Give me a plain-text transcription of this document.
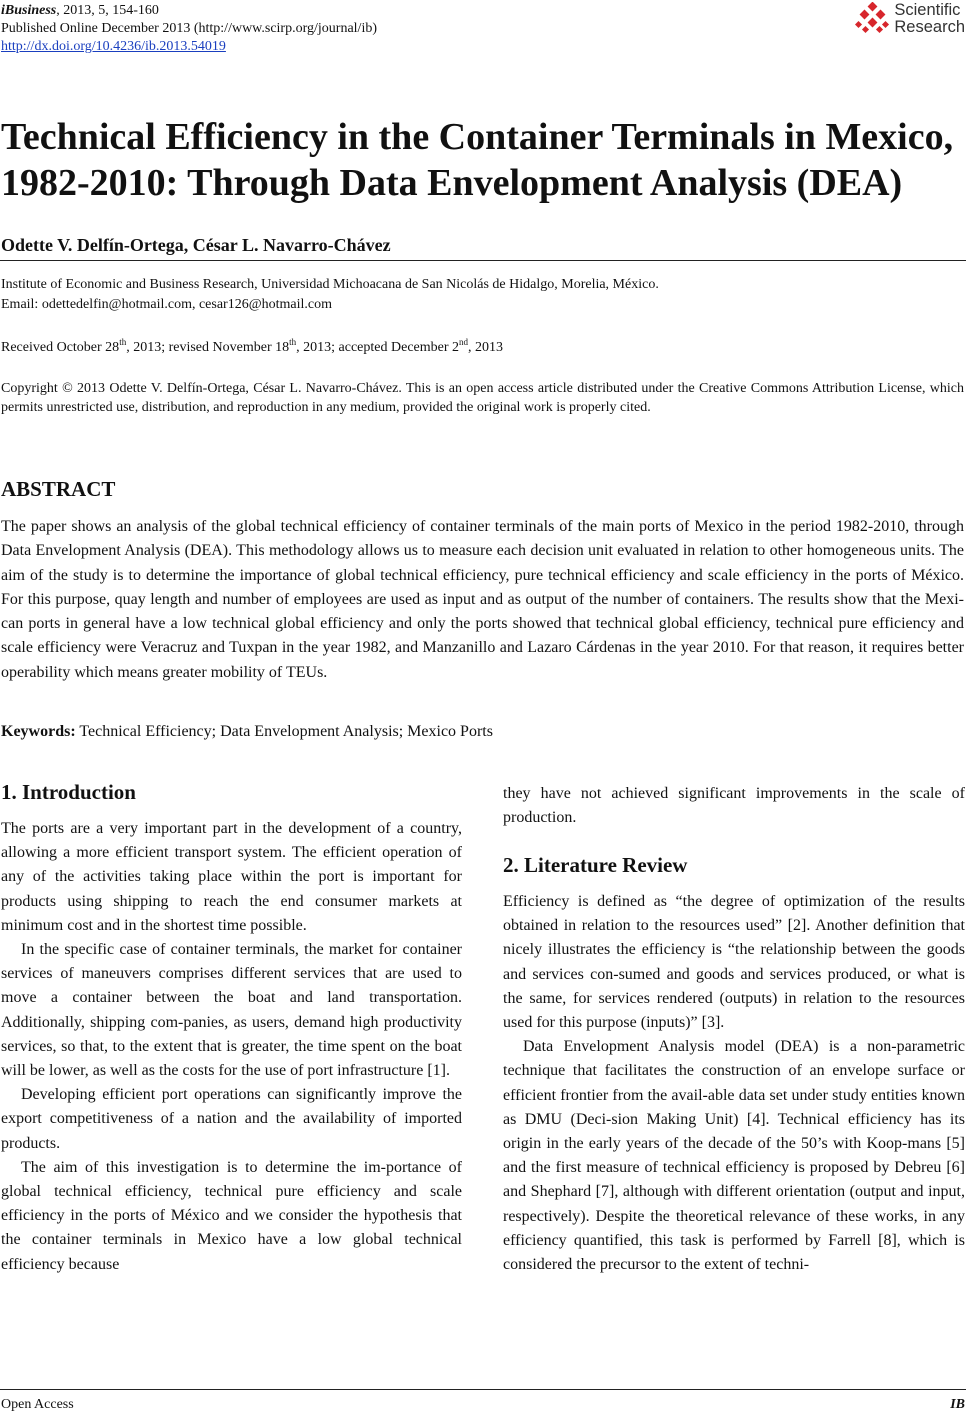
iBusiness, 2013, 5, 154-160
Published Online December 2013 (http://www.scirp.org/journal/ib)
http://dx.doi.org/10.4236/ib.2013.54019
Scientific
Research
Technical Efficiency in the Container Terminals in Mexico, 1982-2010: Through Data Envelopment Analysis (DEA)

Odette V. Delfín-Ortega, César L. Navarro-Chávez

Institute of Economic and Business Research, Universidad Michoacana de San Nicolás de Hidalgo, Morelia, México.

Email: odettedelfin@hotmail.com, cesar126@hotmail.com

Received October 28th, 2013; revised November 18th, 2013; accepted December 2nd, 2013

Copyright © 2013 Odette V. Delfín-Ortega, César L. Navarro-Chávez. This is an open access article distributed under the Creative Commons Attribution License, which permits unrestricted use, distribution, and reproduction in any medium, provided the original work is properly cited.

ABSTRACT

The paper shows an analysis of the global technical efficiency of container terminals of the main ports of Mexico in the period 1982-2010, through Data Envelopment Analysis (DEA). This methodology allows us to measure each decision unit evaluated in relation to other homogeneous units. The aim of the study is to determine the importance of global technical efficiency, pure technical efficiency and scale efficiency in the ports of México. For this purpose, quay length and number of employees are used as input and as output of the number of containers. The results show that the Mexi-can ports in general have a low technical global efficiency and only the ports showed that technical global efficiency, technical pure efficiency and scale efficiency were Veracruz and Tuxpan in the year 1982, and Manzanillo and Lazaro Cárdenas in the year 2010. For that reason, it requires better operability which means greater mobility of TEUs.

Keywords: Technical Efficiency; Data Envelopment Analysis; Mexico Ports

1. Introduction

The ports are a very important part in the development of a country, allowing a more efficient transport system. The efficient operation of any of the activities taking place within the port is important for products using shipping to reach the end consumer markets at minimum cost and in the shortest time possible.

In the specific case of container terminals, the market for container services of maneuvers comprises different services that are used to move a container between the boat and land transportation. Additionally, shipping com-panies, as users, demand high productivity services, so that, to the extent that is greater, the time spent on the boat will be lower, as well as the costs for the use of port infrastructure [1].

Developing efficient port operations can significantly improve the export competitiveness of a nation and the availability of imported products.

The aim of this investigation is to determine the im-portance of global technical efficiency, technical pure efficiency and scale efficiency in the ports of México and we consider the hypothesis that the container terminals in Mexico have a low global technical efficiency because

they have not achieved significant improvements in the scale of production.

2. Literature Review

Efficiency is defined as “the degree of optimization of the results obtained in relation to the resources used” [2]. Another definition that nicely illustrates the efficiency is “the relationship between the goods and services con-sumed and goods and services produced, or what is the same, for services rendered (outputs) in relation to the resources used for this purpose (inputs)” [3].

Data Envelopment Analysis model (DEA) is a non-parametric technique that facilitates the construction of an envelope surface or efficient frontier from the avail-able data set under study entities known as DMU (Deci-sion Making Unit) [4]. Technical efficiency has its origin in the early years of the decade of the 50’s with Koop-mans [5] and the first measure of technical efficiency is proposed by Debreu [6] and Shephard [7], although with different orientation (output and input, respectively). Despite the theoretical relevance of these works, in any efficiency quantified, this task is performed by Farrell [8], which is considered the precursor to the extent of techni-

Open Access	IB
